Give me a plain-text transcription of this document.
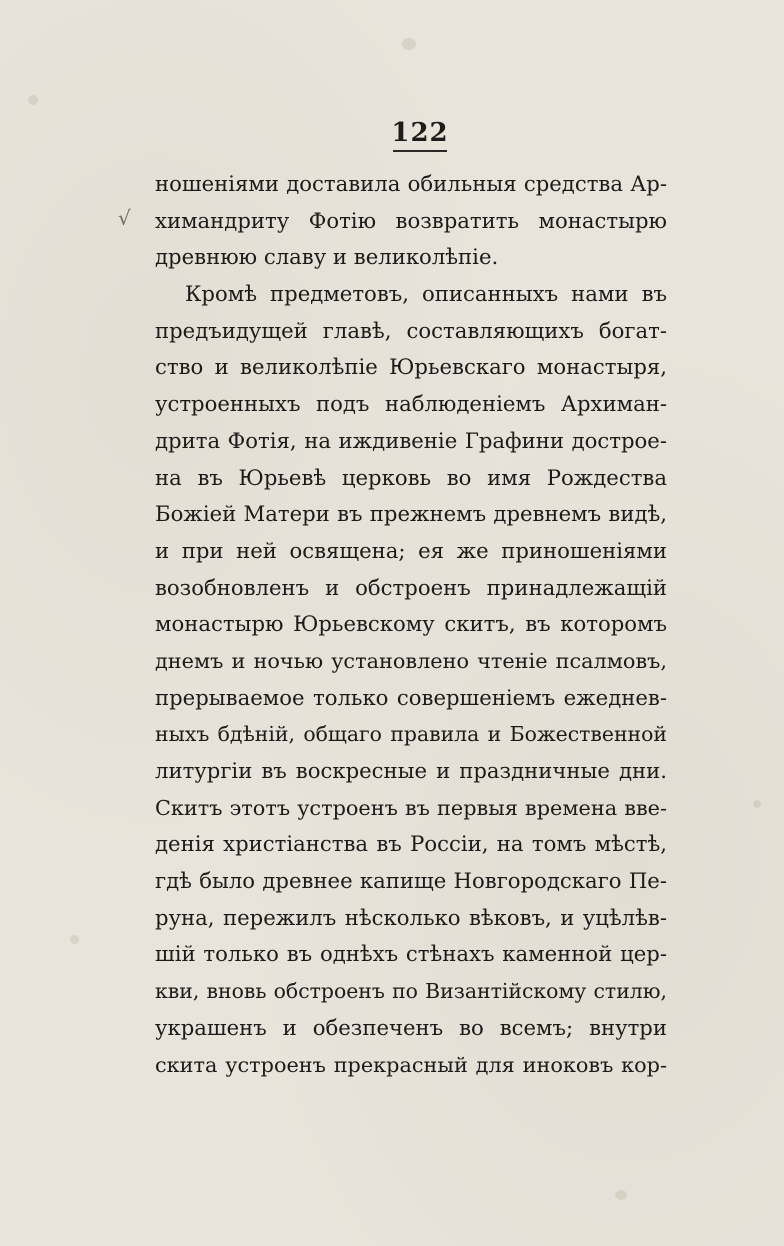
122
√
ношеніями доставила обильныя средства Ар-
химандриту Фотію возвратить монастырю
древнюю славу и великолѣпіе.
Кромѣ предметовъ, описанныхъ нами въ
предъидущей главѣ, составляющихъ богат-
ство и великолѣпіе Юрьевскаго монастыря,
устроенныхъ подъ наблюденіемъ Архиман-
дрита Фотія, на иждивеніе Графини дострое-
на въ Юрьевѣ церковь во имя Рождества
Божіей Матери въ прежнемъ древнемъ видѣ,
и при ней освящена; ея же приношеніями
возобновленъ и обстроенъ принадлежащій
монастырю Юрьевскому скитъ, въ которомъ
днемъ и ночью установлено чтеніе псалмовъ,
прерываемое только совершеніемъ ежеднев-
ныхъ бдѣній, общаго правила и Божественной
литургіи въ воскресные и праздничные дни.
Скитъ этотъ устроенъ въ первыя времена вве-
денія христіанства въ Россіи, на томъ мѣстѣ,
гдѣ было древнее капище Новгородскаго Пе-
руна, пережилъ нѣсколько вѣковъ, и уцѣлѣв-
шій только въ однѣхъ стѣнахъ каменной цер-
кви, вновь обстроенъ по Византійскому стилю,
украшенъ и обезпеченъ во всемъ; внутри
скита устроенъ прекрасный для иноковъ кор-
